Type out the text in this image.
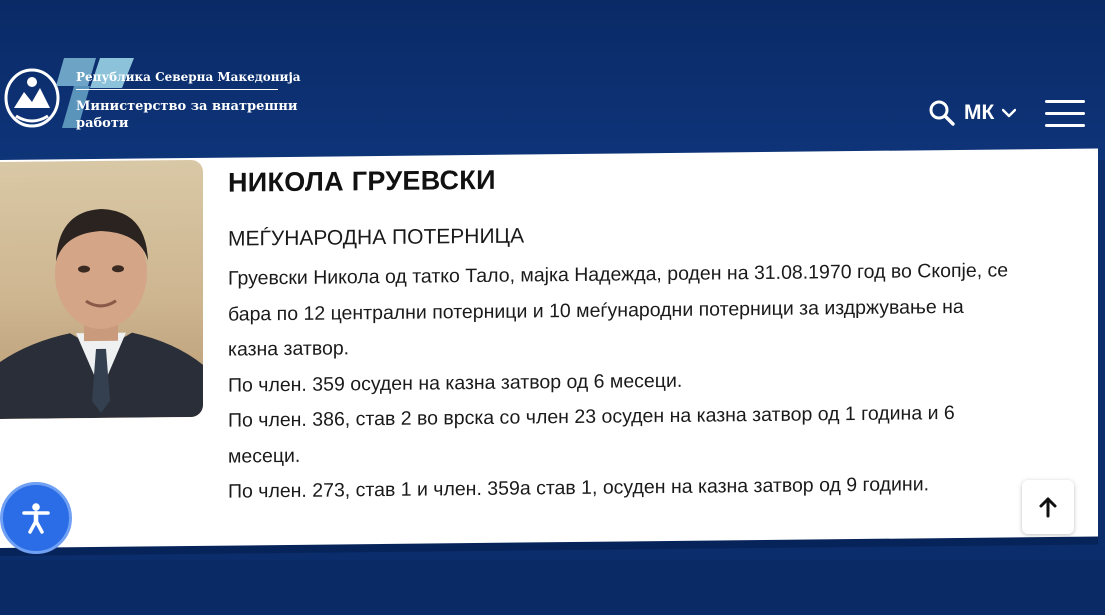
Република Северна Македонија
Министерство за внатрешни работи	МК
НИКОЛА ГРУЕВСКИ
МЕЃУНАРОДНА ПОТЕРНИЦА
Груевски Никола од татко Тало, мајка Надежда, роден на 31.08.1970 год во Скопје, се
бара по 12 централни потерници и 10 меѓународни потерници за издржување на
казна затвор.
По член. 359 осуден на казна затвор од 6 месеци.
По член. 386, став 2 во врска со член 23 осуден на казна затвор од 1 година и 6
месеци.
По член. 273, став 1 и член. 359а став 1, осуден на казна затвор од 9 години.
